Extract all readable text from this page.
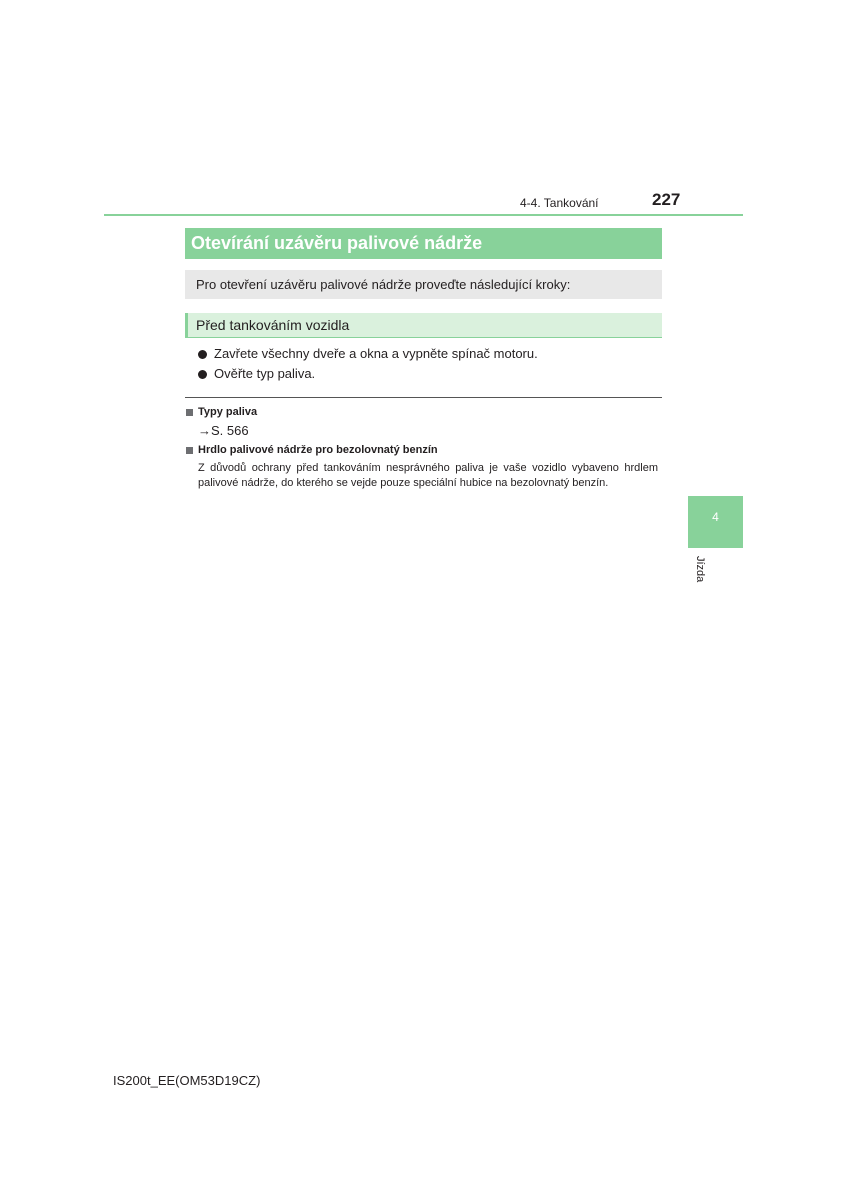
4-4. Tankování	227
Otevírání uzávěru palivové nádrže
Pro otevření uzávěru palivové nádrže proveďte následující kroky:
Před tankováním vozidla
Zavřete všechny dveře a okna a vypněte spínač motoru.
Ověřte typ paliva.
Typy paliva
→S. 566
Hrdlo palivové nádrže pro bezolovnatý benzín

Z důvodů ochrany před tankováním nesprávného paliva je vaše vozidlo vybaveno hrdlem palivové nádrže, do kterého se vejde pouze speciální hubice na bezolovnatý benzín.

4
Jízda
IS200t_EE(OM53D19CZ)
